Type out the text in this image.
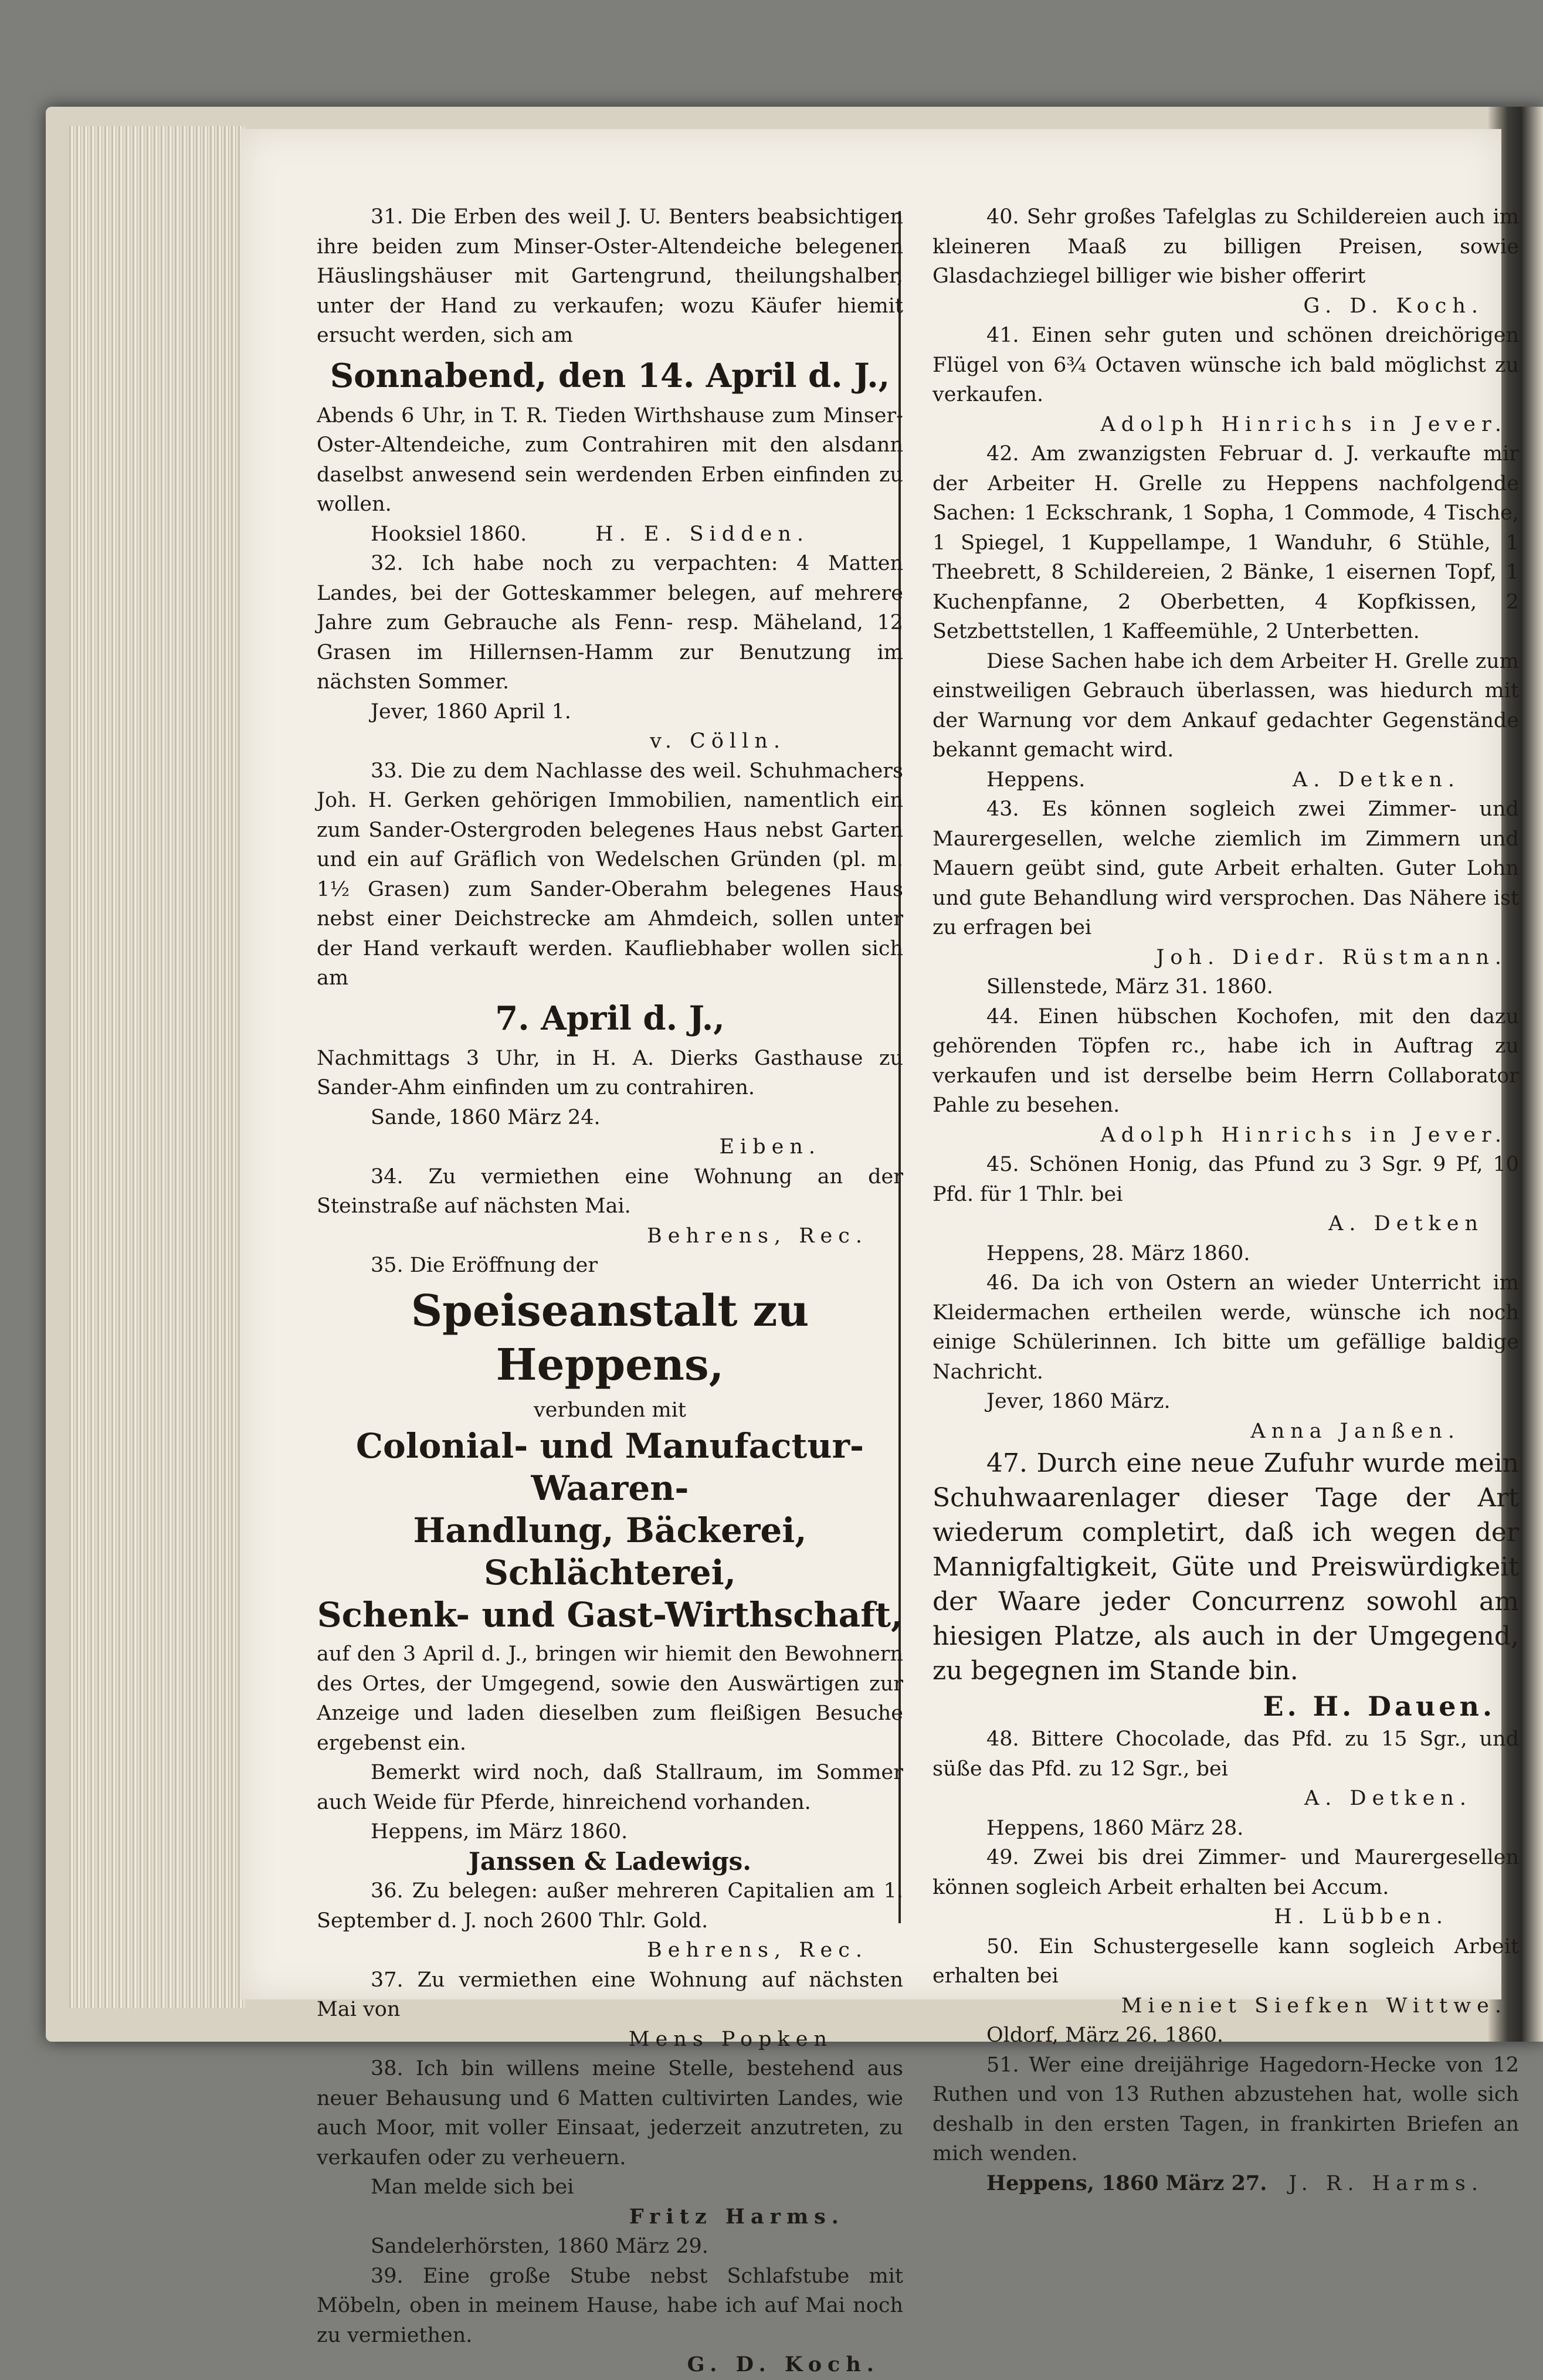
31. Die Erben des weil J. U. Benters beabsichtigen ihre beiden zum Minser-Oster-Altendeiche belegenen Häuslingshäuser mit Gartengrund, theilungshalber, unter der Hand zu verkaufen; wozu Käufer hiemit ersucht werden, sich am

Sonnabend, den 14. April d. J.,

Abends 6 Uhr, in T. R. Tieden Wirthshause zum Minser-Oster-Altendeiche, zum Contrahiren mit den alsdann daselbst anwesend sein werdenden Erben einfinden zu wollen.

Hooksiel 1860.	H. E. Sidden.

32. Ich habe noch zu verpachten: 4 Matten Landes, bei der Gotteskammer belegen, auf mehrere Jahre zum Gebrauche als Fenn- resp. Mäheland, 12 Grasen im Hillernsen-Hamm zur Benutzung im nächsten Sommer.

Jever, 1860 April 1.

v. Cölln.

33. Die zu dem Nachlasse des weil. Schuhmachers Joh. H. Gerken gehörigen Immobilien, namentlich ein zum Sander-Ostergroden belegenes Haus nebst Garten und ein auf Gräflich von Wedelschen Gründen (pl. m. 1½ Grasen) zum Sander-Oberahm belegenes Haus nebst einer Deichstrecke am Ahmdeich, sollen unter der Hand verkauft werden. Kaufliebhaber wollen sich am

7. April d. J.,

Nachmittags 3 Uhr, in H. A. Dierks Gasthause zu Sander-Ahm einfinden um zu contrahiren.

Sande, 1860 März 24.

Eiben.

34. Zu vermiethen eine Wohnung an der Steinstraße auf nächsten Mai.

Behrens, Rec.

35. Die Eröffnung der

Speiseanstalt zu Heppens,

verbunden mit

Colonial- und Manufactur-Waaren-

Handlung, Bäckerei, Schlächterei,

Schenk- und Gast-Wirthschaft,

auf den 3 April d. J., bringen wir hiemit den Bewohnern des Ortes, der Umgegend, sowie den Auswärtigen zur Anzeige und laden dieselben zum fleißigen Besuche ergebenst ein.

Bemerkt wird noch, daß Stallraum, im Sommer auch Weide für Pferde, hinreichend vorhanden.

Heppens, im März 1860.

Janssen & Ladewigs.

36. Zu belegen: außer mehreren Capitalien am 1. September d. J. noch 2600 Thlr. Gold.

Behrens, Rec.

37. Zu vermiethen eine Wohnung auf nächsten Mai von

Mens Popken

38. Ich bin willens meine Stelle, bestehend aus neuer Behausung und 6 Matten cultivirten Landes, wie auch Moor, mit voller Einsaat, jederzeit anzutreten, zu verkaufen oder zu verheuern.

Man melde sich bei

Fritz Harms.

Sandelerhörsten, 1860 März 29.

39. Eine große Stube nebst Schlafstube mit Möbeln, oben in meinem Hause, habe ich auf Mai noch zu vermiethen.

G. D. Koch.

40. Sehr großes Tafelglas zu Schildereien auch im kleineren Maaß zu billigen Preisen, sowie Glasdachziegel billiger wie bisher offerirt

G. D. Koch.

41. Einen sehr guten und schönen dreichörigen Flügel von 6¾ Octaven wünsche ich bald möglichst zu verkaufen.

Adolph Hinrichs in Jever.

42. Am zwanzigsten Februar d. J. verkaufte mir der Arbeiter H. Grelle zu Heppens nachfolgende Sachen: 1 Eckschrank, 1 Sopha, 1 Commode, 4 Tische, 1 Spiegel, 1 Kuppellampe, 1 Wanduhr, 6 Stühle, 1 Theebrett, 8 Schildereien, 2 Bänke, 1 eisernen Topf, 1 Kuchenpfanne, 2 Oberbetten, 4 Kopfkissen, 2 Setzbettstellen, 1 Kaffeemühle, 2 Unterbetten.

Diese Sachen habe ich dem Arbeiter H. Grelle zum einstweiligen Gebrauch überlassen, was hiedurch mit der Warnung vor dem Ankauf gedachter Gegenstände bekannt gemacht wird.

Heppens.	A. Detken.

43. Es können sogleich zwei Zimmer- und Maurergesellen, welche ziemlich im Zimmern und Mauern geübt sind, gute Arbeit erhalten. Guter Lohn und gute Behandlung wird versprochen. Das Nähere ist zu erfragen bei

Joh. Diedr. Rüstmann.

Sillenstede, März 31. 1860.

44. Einen hübschen Kochofen, mit den dazu gehörenden Töpfen rc., habe ich in Auftrag zu verkaufen und ist derselbe beim Herrn Collaborator Pahle zu besehen.

Adolph Hinrichs in Jever.

45. Schönen Honig, das Pfund zu 3 Sgr. 9 Pf, 10 Pfd. für 1 Thlr. bei

A. Detken

Heppens, 28. März 1860.

46. Da ich von Ostern an wieder Unterricht im Kleidermachen ertheilen werde, wünsche ich noch einige Schülerinnen. Ich bitte um gefällige baldige Nachricht.

Jever, 1860 März.

Anna Janßen.

47. Durch eine neue Zufuhr wurde mein Schuhwaarenlager dieser Tage der Art wiederum completirt, daß ich wegen der Mannigfaltigkeit, Güte und Preiswürdigkeit der Waare jeder Concurrenz sowohl am hiesigen Platze, als auch in der Umgegend, zu begegnen im Stande bin.

E. H. Dauen.

48. Bittere Chocolade, das Pfd. zu 15 Sgr., und süße das Pfd. zu 12 Sgr., bei

A. Detken.

Heppens, 1860 März 28.

49. Zwei bis drei Zimmer- und Maurergesellen können sogleich Arbeit erhalten bei Accum.

H. Lübben.

50. Ein Schustergeselle kann sogleich Arbeit erhalten bei

Mieniet Siefken Wittwe.

Oldorf, März 26. 1860.

51. Wer eine dreijährige Hagedorn-Hecke von 12 Ruthen und von 13 Ruthen abzustehen hat, wolle sich deshalb in den ersten Tagen, in frankirten Briefen an mich wenden.

Heppens, 1860 März 27. J. R. Harms.
